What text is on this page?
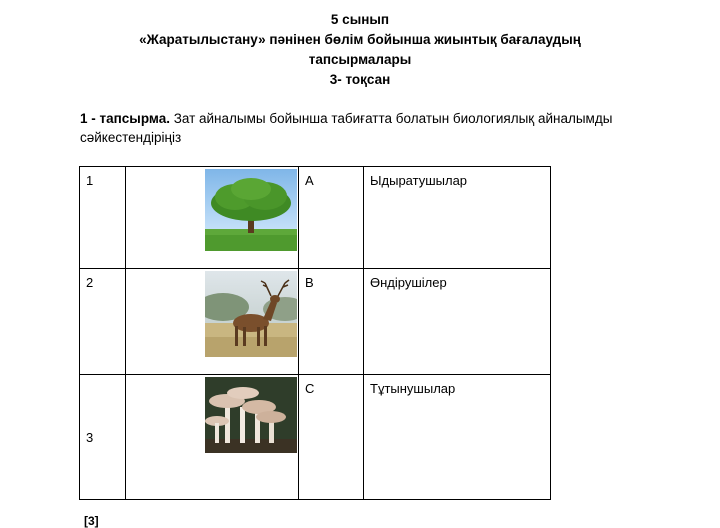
5 сынып
«Жаратылыстану» пәнінен бөлім бойынша жиынтық бағалаудың
тапсырмалары
3- тоқсан
1 - тапсырма. Зат айналымы бойынша табиғатта болатын биологиялық айналымды сәйкестендіріңіз
1		A	Ыдыратушылар
2		B	Өндірушілер
3		C	Тұтынушылар
[3]
